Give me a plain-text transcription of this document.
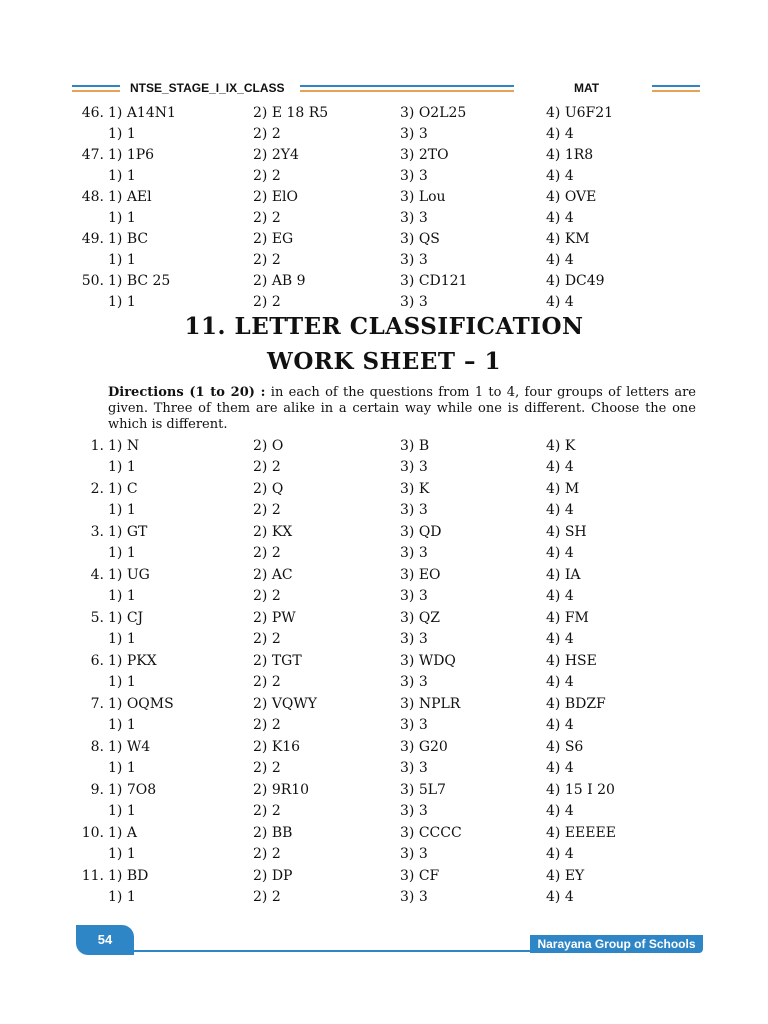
NTSE_STAGE_I_IX_CLASS	MAT
46. 1) A14N1	2) E 18 R5	3) O2L25	4) U6F21
1) 1	2) 2	3) 3	4) 4
47. 1) 1P6	2) 2Y4	3) 2TO	4) 1R8
1) 1	2) 2	3) 3	4) 4
48. 1) AEl	2) ElO	3) Lou	4) OVE
1) 1	2) 2	3) 3	4) 4
49. 1) BC	2) EG	3) QS	4) KM
1) 1	2) 2	3) 3	4) 4
50. 1) BC 25	2) AB 9	3) CD121	4) DC49
1) 1	2) 2	3) 3	4) 4
11. LETTER CLASSIFICATION
WORK SHEET – 1
Directions (1 to 20) : in each of the questions from 1 to 4, four groups of letters are given. Three of them are alike in a certain way while one is different. Choose the one which is different.
1. 1) N	2) O	3) B	4) K
1) 1	2) 2	3) 3	4) 4
2. 1) C	2) Q	3) K	4) M
1) 1	2) 2	3) 3	4) 4
3. 1) GT	2) KX	3) QD	4) SH
1) 1	2) 2	3) 3	4) 4
4. 1) UG	2) AC	3) EO	4) IA
1) 1	2) 2	3) 3	4) 4
5. 1) CJ	2) PW	3) QZ	4) FM
1) 1	2) 2	3) 3	4) 4
6. 1) PKX	2) TGT	3) WDQ	4) HSE
1) 1	2) 2	3) 3	4) 4
7. 1) OQMS	2) VQWY	3) NPLR	4) BDZF
1) 1	2) 2	3) 3	4) 4
8. 1) W4	2) K16	3) G20	4) S6
1) 1	2) 2	3) 3	4) 4
9. 1) 7O8	2) 9R10	3) 5L7	4) 15 I 20
1) 1	2) 2	3) 3	4) 4
10. 1) A	2) BB	3) CCCC	4) EEEEE
1) 1	2) 2	3) 3	4) 4
11. 1) BD	2) DP	3) CF	4) EY
1) 1	2) 2	3) 3	4) 4
54	Narayana Group of Schools
